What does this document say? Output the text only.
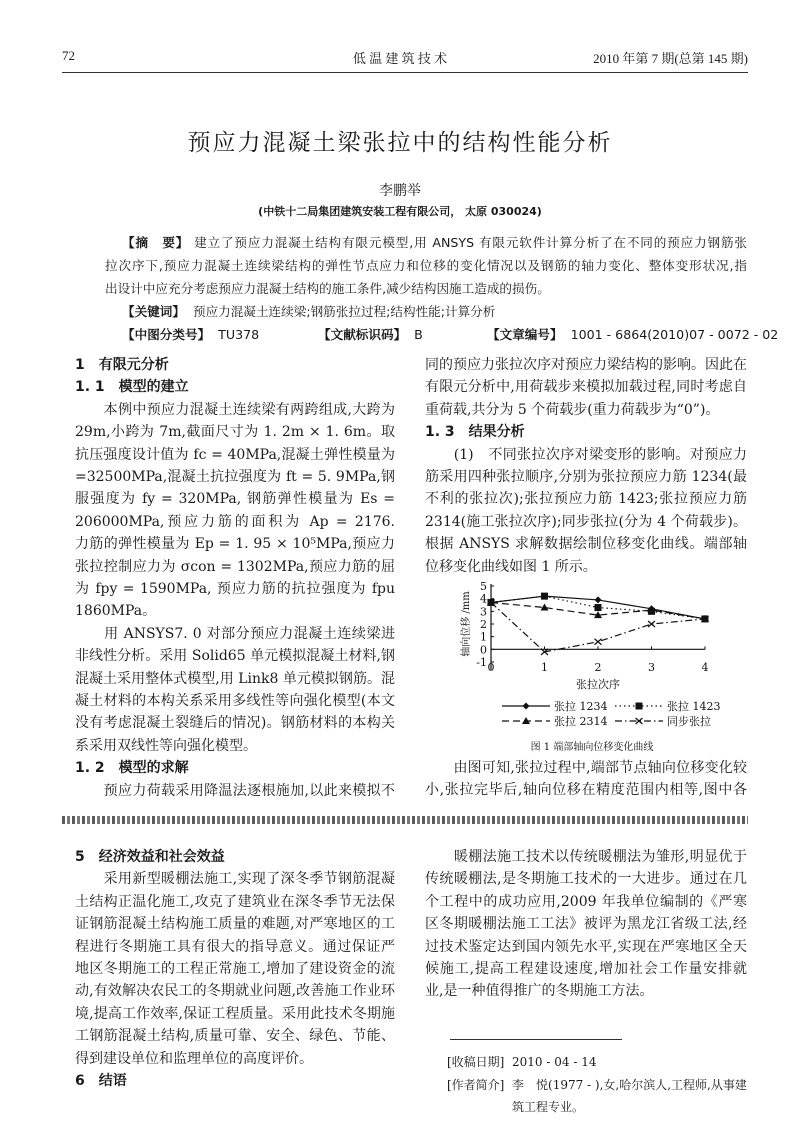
72	低 温 建 筑 技 术	2010 年第 7 期(总第 145 期)
预应力混凝土梁张拉中的结构性能分析
李鹏举
(中铁十二局集团建筑安装工程有限公司， 太原 030024)
【摘　要】 建立了预应力混凝土结构有限元模型,用 ANSYS 有限元软件计算分析了在不同的预应力钢筋张
拉次序下,预应力混凝土连续梁结构的弹性节点应力和位移的变化情况以及钢筋的轴力变化、整体变形状况,指
出设计中应充分考虑预应力混凝土结构的施工条件,减少结构因施工造成的损伤。
【关键词】 预应力混凝土连续梁;钢筋张拉过程;结构性能;计算分析
【中图分类号】 TU378	【文献标识码】 B	【文章编号】 1001 - 6864(2010)07 - 0072 - 02
1　有限元分析
1. 1　模型的建立
　　本例中预应力混凝土连续梁有两跨组成,大跨为
29m,小跨为 7m,截面尺寸为 1. 2m × 1. 6m。取
抗压强度设计值为 fc = 40MPa,混凝土弹性模量为
=32500MPa,混凝土抗拉强度为 ft = 5. 9MPa,钢
服强度为 fy = 320MPa, 钢筋弹性模量为 Es =
206000MPa,预应力筋的面积为 Ap = 2176.
力筋的弹性模量为 Ep = 1. 95 × 10⁵MPa,预应力
张拉控制应力为 σcon = 1302MPa,预应力筋的屈
为 fpy = 1590MPa, 预应力筋的抗拉强度为 fpu
1860MPa。
　　用 ANSYS7. 0 对部分预应力混凝土连续梁进
非线性分析。采用 Solid65 单元模拟混凝土材料,钢
混凝土采用整体式模型,用 Link8 单元模拟钢筋。混
凝土材料的本构关系采用多线性等向强化模型(本文
没有考虑混凝土裂缝后的情况)。钢筋材料的本构关
系采用双线性等向强化模型。
1. 2　模型的求解
　　预应力荷载采用降温法逐根施加,以此来模拟不
同的预应力张拉次序对预应力梁结构的影响。因此在
有限元分析中,用荷载步来模拟加载过程,同时考虑自
重荷载,共分为 5 个荷载步(重力荷载步为“0”)。
1. 3　结果分析
　　(1)　不同张拉次序对梁变形的影响。对预应力
筋采用四种张拉顺序,分别为张拉预应力筋 1234(最
不利的张拉次);张拉预应力筋 1423;张拉预应力筋
2314(施工张拉次序);同步张拉(分为 4 个荷载步)。
根据 ANSYS 求解数据绘制位移变化曲线。端部轴
位移变化曲线如图 1 所示。
　　由图可知,张拉过程中,端部节点轴向位移变化较
小,张拉完毕后,轴向位移在精度范围内相等,图中各
-1
0
1
2
3
4
5
0	1	2	3	4
张拉次序
轴向位移 /mm
张拉 1234	张拉 1423
张拉 2314	同步张拉
图 1 端部轴向位移变化曲线
5　经济效益和社会效益
　　采用新型暖棚法施工,实现了深冬季节钢筋混凝
土结构正温化施工,攻克了建筑业在深冬季节无法保
证钢筋混凝土结构施工质量的难题,对严寒地区的工
程进行冬期施工具有很大的指导意义。通过保证严
地区冬期施工的工程正常施工,增加了建设资金的流
动,有效解决农民工的冬期就业问题,改善施工作业环
境,提高工作效率,保证工程质量。采用此技术冬期施
工钢筋混凝土结构,质量可靠、安全、绿色、节能、
得到建设单位和监理单位的高度评价。
6　结语
　　暖棚法施工技术以传统暖棚法为雏形,明显优于
传统暖棚法,是冬期施工技术的一大进步。通过在几
个工程中的成功应用,2009 年我单位编制的《严寒
区冬期暖棚法施工工法》被评为黑龙江省级工法,经
过技术鉴定达到国内领先水平,实现在严寒地区全天
候施工,提高工程建设速度,增加社会工作量安排就
业,是一种值得推广的冬期施工方法。
[收稿日期] 2010 - 04 - 14
[作者简介] 李　悦(1977 - ),女,哈尔滨人,工程师,从事建
筑工程专业。
